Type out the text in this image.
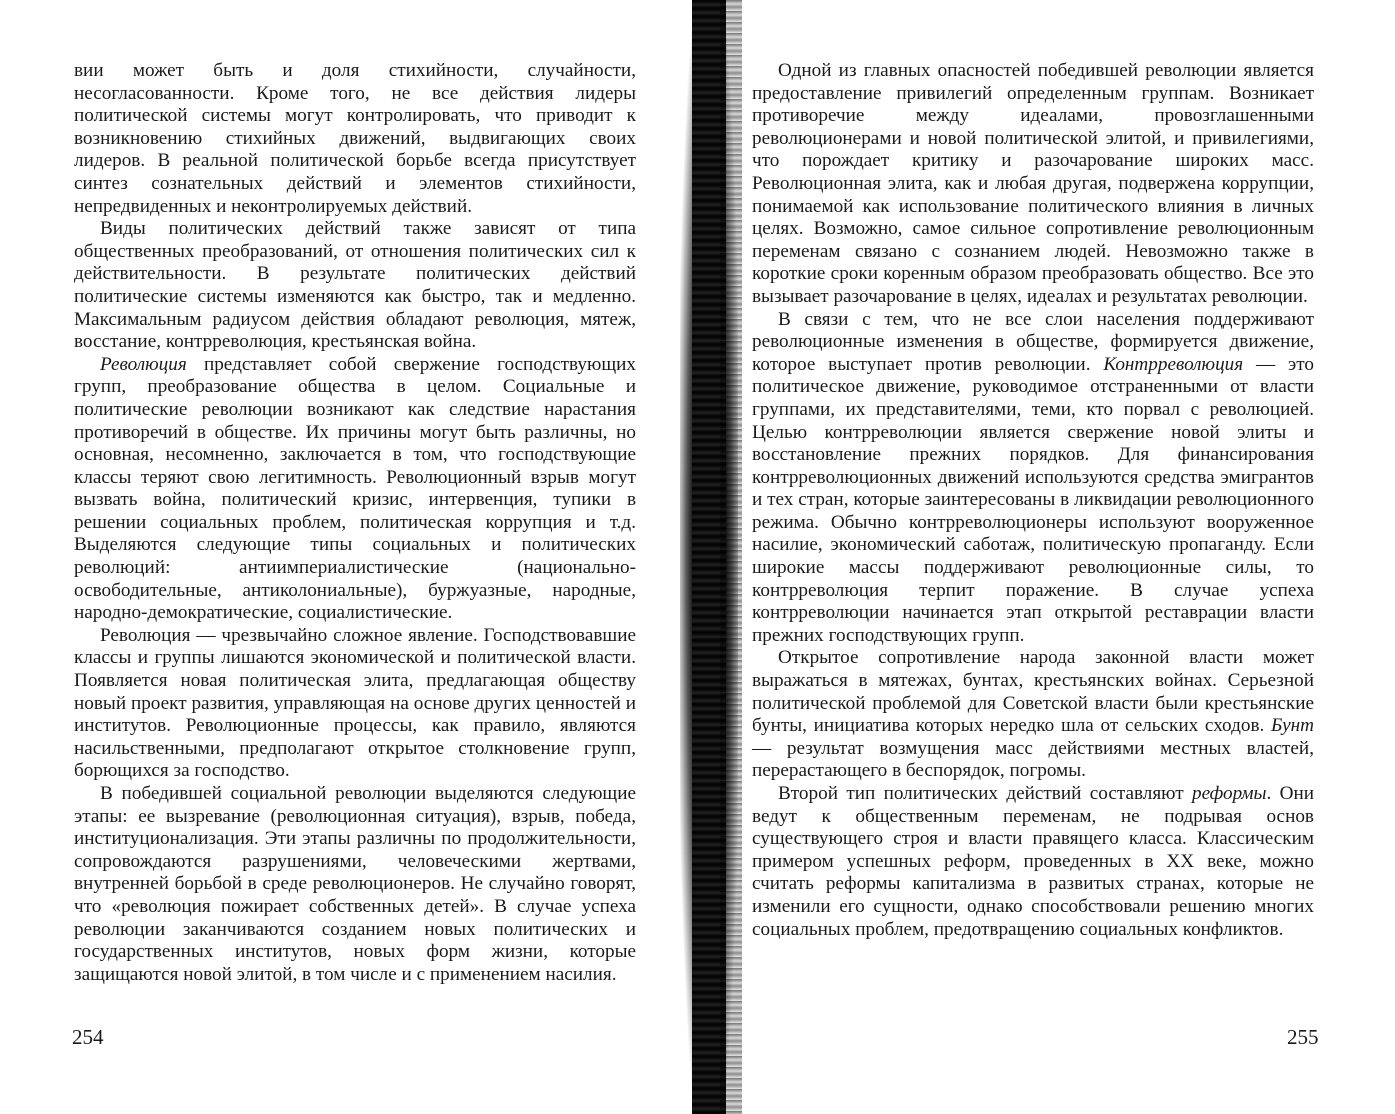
вии может быть и доля стихийности, случайности, несогласованности. Кроме того, не все действия лидеры политической системы могут контролировать, что приводит к возникновению стихийных движений, выдвигающих своих лидеров. В реальной политической борьбе всегда присутствует синтез сознательных действий и элементов стихийности, непредвиденных и неконтролируемых действий.

Виды политических действий также зависят от типа общественных преобразований, от отношения политических сил к действительности. В результате политических действий политические системы изменяются как быстро, так и медленно. Максимальным радиусом действия обладают революция, мятеж, восстание, контрреволюция, крестьянская война.

Революция представляет собой свержение господствующих групп, преобразование общества в целом. Социальные и политические революции возникают как следствие нарастания противоречий в обществе. Их причины могут быть различны, но основная, несомненно, заключается в том, что господствующие классы теряют свою легитимность. Революционный взрыв могут вызвать война, политический кризис, интервенция, тупики в решении социальных проблем, политическая коррупция и т.д. Выделяются следующие типы социальных и политических революций: антиимпериалистические (национально-освободительные, антиколониальные), буржуазные, народные, народно-демократические, социалистические.

Революция — чрезвычайно сложное явление. Господствовавшие классы и группы лишаются экономической и политической власти. Появляется новая политическая элита, предлагающая обществу новый проект развития, управляющая на основе других ценностей и институтов. Революционные процессы, как правило, являются насильственными, предполагают открытое столкновение групп, борющихся за господство.

В победившей социальной революции выделяются следующие этапы: ее вызревание (революционная ситуация), взрыв, победа, институционализация. Эти этапы различны по продолжительности, сопровождаются разрушениями, человеческими жертвами, внутренней борьбой в среде революционеров. Не случайно говорят, что «революция пожирает собственных детей». В случае успеха революции заканчиваются созданием новых политических и государственных институтов, новых форм жизни, которые защищаются новой элитой, в том числе и с применением насилия.

254

Одной из главных опасностей победившей революции является предоставление привилегий определенным группам. Возникает противоречие между идеалами, провозглашенными революционерами и новой политической элитой, и привилегиями, что порождает критику и разочарование широких масс. Революционная элита, как и любая другая, подвержена коррупции, понимаемой как использование политического влияния в личных целях. Возможно, самое сильное сопротивление революционным переменам связано с сознанием людей. Невозможно также в короткие сроки коренным образом преобразовать общество. Все это вызывает разочарование в целях, идеалах и результатах революции.

В связи с тем, что не все слои населения поддерживают революционные изменения в обществе, формируется движение, которое выступает против революции. Контрреволюция — это политическое движение, руководимое отстраненными от власти группами, их представителями, теми, кто порвал с революцией. Целью контрреволюции является свержение новой элиты и восстановление прежних порядков. Для финансирования контрреволюционных движений используются средства эмигрантов и тех стран, которые заинтересованы в ликвидации революционного режима. Обычно контрреволюционеры используют вооруженное насилие, экономический саботаж, политическую пропаганду. Если широкие массы поддерживают революционные силы, то контрреволюция терпит поражение. В случае успеха контрреволюции начинается этап открытой реставрации власти прежних господствующих групп.

Открытое сопротивление народа законной власти может выражаться в мятежах, бунтах, крестьянских войнах. Серьезной политической проблемой для Советской власти были крестьянские бунты, инициатива которых нередко шла от сельских сходов. Бунт — результат возмущения масс действиями местных властей, перерастающего в беспорядок, погромы.

Второй тип политических действий составляют реформы. Они ведут к общественным переменам, не подрывая основ существующего строя и власти правящего класса. Классическим примером успешных реформ, проведенных в XX веке, можно считать реформы капитализма в развитых странах, которые не изменили его сущности, однако способствовали решению многих социальных проблем, предотвращению социальных конфликтов.

255
